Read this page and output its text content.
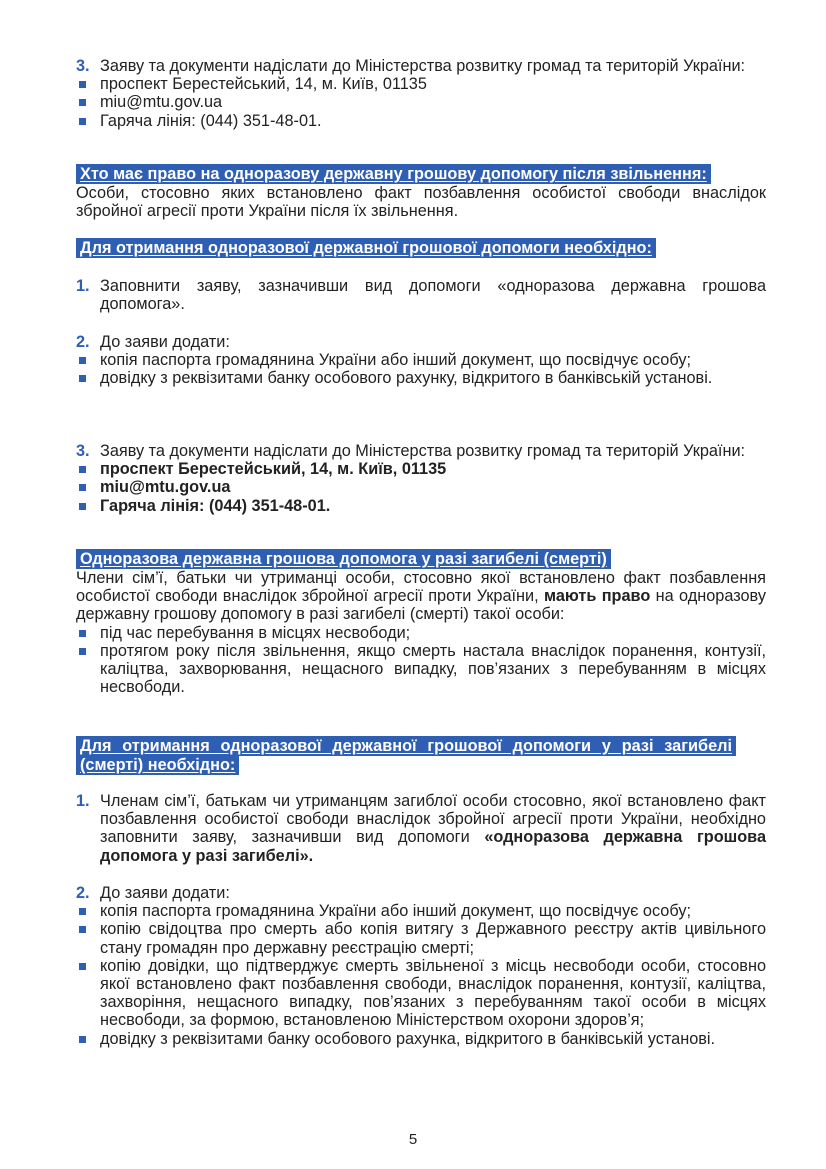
3. Заяву та документи надіслати до Міністерства розвитку громад та територій України:

проспект Берестейський, 14, м. Київ, 01135

miu@mtu.gov.ua

Гаряча лінія: (044) 351-48-01.

Хто має право на одноразову державну грошову допомогу після звільнення:

Особи, стосовно яких встановлено факт позбавлення особистої свободи внаслідок збройної агресії проти України після їх звільнення.

Для отримання одноразової державної грошової допомоги необхідно:

1. Заповнити заяву, зазначивши вид допомоги «одноразова державна грошова допомога».

2. До заяви додати:

копія паспорта громадянина України або інший документ, що посвідчує особу;

довідку з реквізитами банку особового рахунку, відкритого в банківській установі.

3. Заяву та документи надіслати до Міністерства розвитку громад та територій України:

проспект Берестейський, 14, м. Київ, 01135

miu@mtu.gov.ua

Гаряча лінія: (044) 351-48-01.

Одноразова державна грошова допомога у разі загибелі (смерті)

Члени сім’ї, батьки чи утриманці особи, стосовно якої встановлено факт позбавлення особистої свободи внаслідок збройної агресії проти України, мають право на одноразову державну грошову допомогу в разі загибелі (смерті) такої особи:

під час перебування в місцях несвободи;

протягом року після звільнення, якщо смерть настала внаслідок поранення, контузії, каліцтва, захворювання, нещасного випадку, пов’язаних з перебуванням в місцях несвободи.

Для отримання одноразової державної грошової допомоги у разі загибелі (смерті) необхідно:

1. Членам сім’ї, батькам чи утриманцям загиблої особи стосовно, якої встановлено факт позбавлення особистої свободи внаслідок збройної агресії проти України, необхідно заповнити заяву, зазначивши вид допомоги «одноразова державна грошова допомога у разі загибелі».

2. До заяви додати:

копія паспорта громадянина України або інший документ, що посвідчує особу;

копію свідоцтва про смерть або копія витягу з Державного реєстру актів цивільного стану громадян про державну реєстрацію смерті;

копію довідки, що підтверджує смерть звільненої з місць несвободи особи, стосовно якої встановлено факт позбавлення свободи, внаслідок поранення, контузії, каліцтва, захворіння, нещасного випадку, пов’язаних з перебуванням такої особи в місцях несвободи, за формою, встановленою Міністерством охорони здоров’я;

довідку з реквізитами банку особового рахунка, відкритого в банківській установі.

5
